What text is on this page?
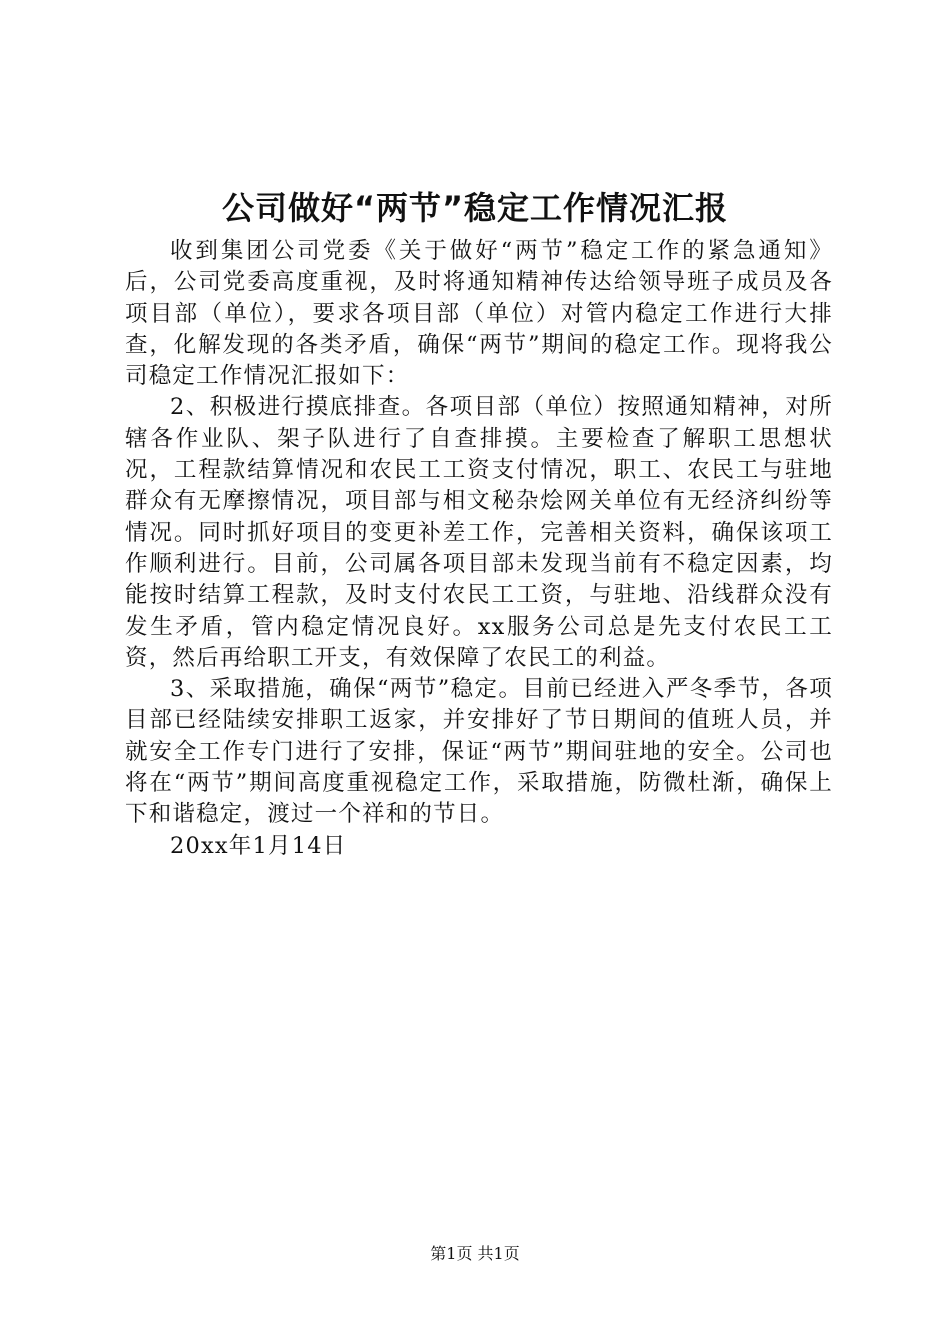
公司做好“两节”稳定工作情况汇报

收到集团公司党委《关于做好“两节”稳定工作的紧急通知》后，公司党委高度重视，及时将通知精神传达给领导班子成员及各项目部（单位），要求各项目部（单位）对管内稳定工作进行大排查，化解发现的各类矛盾，确保“两节”期间的稳定工作。现将我公司稳定工作情况汇报如下：

2、积极进行摸底排查。各项目部（单位）按照通知精神，对所辖各作业队、架子队进行了自查排摸。主要检查了解职工思想状况，工程款结算情况和农民工工资支付情况，职工、农民工与驻地群众有无摩擦情况，项目部与相文秘杂烩网关单位有无经济纠纷等情况。同时抓好项目的变更补差工作，完善相关资料，确保该项工作顺利进行。目前，公司属各项目部未发现当前有不稳定因素，均能按时结算工程款，及时支付农民工工资，与驻地、沿线群众没有发生矛盾，管内稳定情况良好。xx服务公司总是先支付农民工工资，然后再给职工开支，有效保障了农民工的利益。

3、采取措施，确保“两节”稳定。目前已经进入严冬季节，各项目部已经陆续安排职工返家，并安排好了节日期间的值班人员，并就安全工作专门进行了安排，保证“两节”期间驻地的安全。公司也将在“两节”期间高度重视稳定工作，采取措施，防微杜渐，确保上下和谐稳定，渡过一个祥和的节日。

20xx年1月14日

第1页 共1页
